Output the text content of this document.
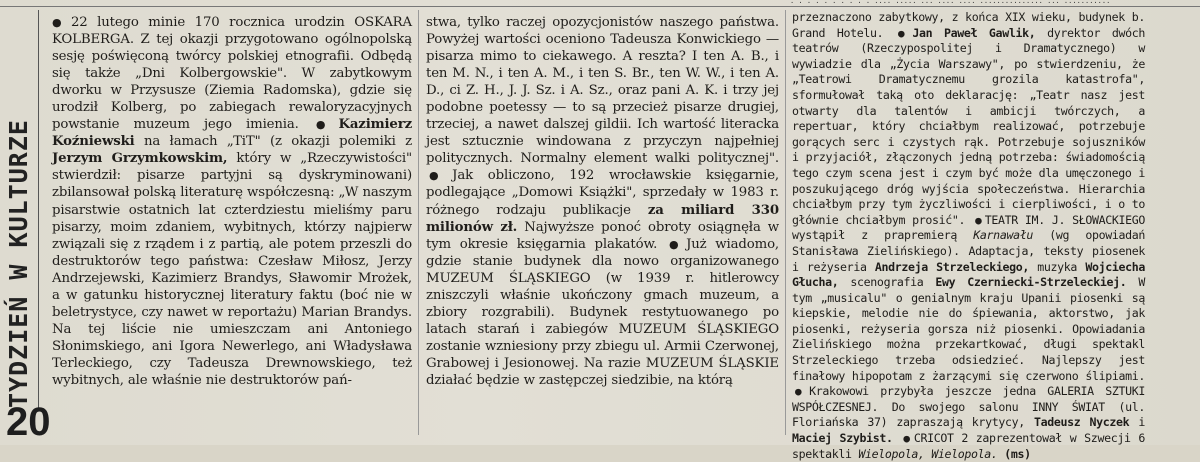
· · · · · · · · · · ···· ····· ··· ···· ···· ··············· ··· ···········
TYDZIEŃ W KULTURZE
20
● 22 lutego minie 170 rocznica urodzin OSKARA KOLBERGA. Z tej okazji przygotowano ogólnopolską sesję poświęconą twórcy polskiej etnografii. Odbędą się także „Dni Kolbergowskie". W zabytkowym dworku w Przysusze (Ziemia Radomska), gdzie się urodził Kolberg, po zabiegach rewaloryzacyjnych powstanie muzeum jego imienia. ● Kazimierz Koźniewski na łamach „TiT" (z okazji polemiki z Jerzym Grzymkowskim, który w „Rzeczywistości" stwierdził: pisarze partyjni są dyskryminowani) zbilansował polską literaturę współczesną: „W naszym pisarstwie ostatnich lat czterdziestu mieliśmy paru pisarzy, moim zdaniem, wybitnych, którzy najpierw związali się z rządem i z partią, ale potem przeszli do destruktorów tego państwa: Czesław Miłosz, Jerzy Andrzejewski, Kazimierz Brandys, Sławomir Mrożek, a w gatunku historycznej literatury faktu (boć nie w beletrystyce, czy nawet w reportażu) Marian Brandys. Na tej liście nie umieszczam ani Antoniego Słonimskiego, ani Igora Newerlego, ani Władysława Terleckiego, czy Tadeusza Drewnowskiego, też wybitnych, ale właśnie nie destruktorów pań-
stwa, tylko raczej opozycjonistów naszego państwa. Powyżej wartości oceniono Tadeusza Konwickiego — pisarza mimo to ciekawego. A reszta? I ten A. B., i ten M. N., i ten A. M., i ten S. Br., ten W. W., i ten A. D., ci Z. H., J. J. Sz. i A. Sz., oraz pani A. K. i trzy jej podobne poetessy — to są przecież pisarze drugiej, trzeciej, a nawet dalszej gildii. Ich wartość literacka jest sztucznie windowana z przyczyn najpełniej politycznych. Normalny element walki politycznej". ● Jak obliczono, 192 wrocławskie księgarnie, podlegające „Domowi Książki", sprzedały w 1983 r. różnego rodzaju publikacje za miliard 330 milionów zł. Najwyższe ponoć obroty osiągnęła w tym okresie księgarnia plakatów. ● Już wiadomo, gdzie stanie budynek dla nowo organizowanego MUZEUM ŚLĄSKIEGO (w 1939 r. hitlerowcy zniszczyli właśnie ukończony gmach muzeum, a zbiory rozgrabili). Budynek restytuowanego po latach starań i zabiegów MUZEUM ŚLĄSKIEGO zostanie wzniesiony przy zbiegu ul. Armii Czerwonej, Grabowej i Jesionowej. Na razie MUZEUM ŚLĄSKIE działać będzie w zastępczej siedzibie, na którą
przeznaczono zabytkowy, z końca XIX wieku, budynek b. Grand Hotelu. ● Jan Paweł Gawlik, dyrektor dwóch teatrów (Rzeczypospolitej i Dramatycznego) w wywiadzie dla „Życia Warszawy", po stwierdzeniu, że „Teatrowi Dramatycznemu grozila katastrofa", sformułował taką oto deklarację: „Teatr nasz jest otwarty dla talentów i ambicji twórczych, a repertuar, który chciałbym realizować, potrzebuje gorących serc i czystych rąk. Potrzebuje sojuszników i przyjaciół, złączonych jedną potrzeba: świadomością tego czym scena jest i czym być może dla umęczonego i poszukującego dróg wyjścia społeczeństwa. Hierarchia chciałbym przy tym życzliwości i cierpliwości, i o to głównie chciałbym prosić". ● TEATR IM. J. SŁOWACKIEGO wystąpił z prapremierą Karnawału (wg opowiadań Stanisława Zielińskiego). Adaptacja, teksty piosenek i reżyseria Andrzeja Strzeleckiego, muzyka Wojciecha Głucha, scenografia Ewy Czerniecki-Strzeleckiej. W tym „musicalu" o genialnym kraju Upanii piosenki są kiepskie, melodie nie do śpiewania, aktorstwo, jak piosenki, reżyseria gorsza niż piosenki. Opowiadania Zielińskiego można przekartkować, długi spektakl Strzeleckiego trzeba odsiedzieć. Najlepszy jest finałowy hipopotam z żarzącymi się czerwono ślipiami. ● Krakowowi przybyła jeszcze jedna GALERIA SZTUKI WSPÓŁCZESNEJ. Do swojego salonu INNY ŚWIAT (ul. Floriańska 37) zapraszają krytycy, Tadeusz Nyczek i Maciej Szybist. ● CRICOT 2 zaprezentował w Szwecji 6 spektakli Wielopola, Wielopola. (ms)
